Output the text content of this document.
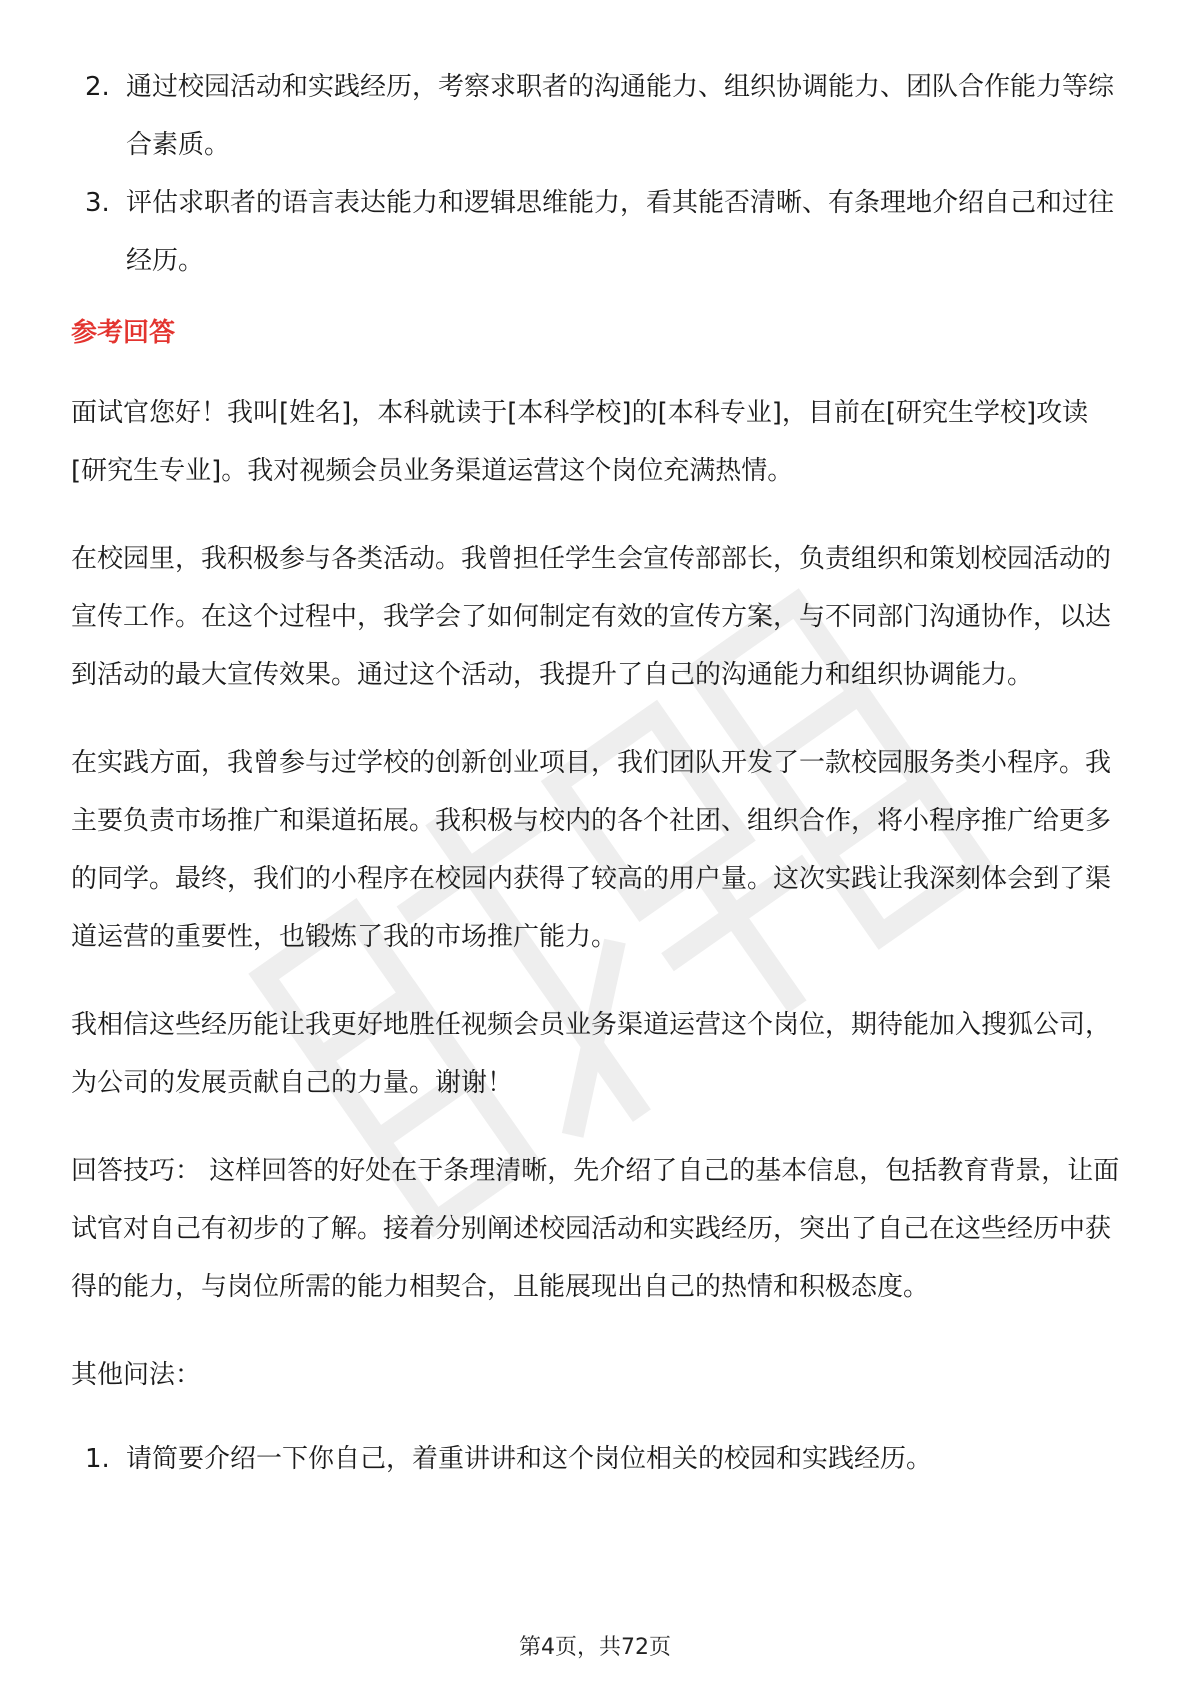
2. 通过校园活动和实践经历，考察求职者的沟通能力、组织协调能力、团队合作能力等综合素质。
3. 评估求职者的语言表达能力和逻辑思维能力，看其能否清晰、有条理地介绍自己和过往经历。
参考回答

面试官您好！我叫[姓名]，本科就读于[本科学校]的[本科专业]，目前在[研究生学校]攻读[研究生专业]。我对视频会员业务渠道运营这个岗位充满热情。

在校园里，我积极参与各类活动。我曾担任学生会宣传部部长，负责组织和策划校园活动的宣传工作。在这个过程中，我学会了如何制定有效的宣传方案，与不同部门沟通协作，以达到活动的最大宣传效果。通过这个活动，我提升了自己的沟通能力和组织协调能力。

在实践方面，我曾参与过学校的创新创业项目，我们团队开发了一款校园服务类小程序。我主要负责市场推广和渠道拓展。我积极与校内的各个社团、组织合作，将小程序推广给更多的同学。最终，我们的小程序在校园内获得了较高的用户量。这次实践让我深刻体会到了渠道运营的重要性，也锻炼了我的市场推广能力。

我相信这些经历能让我更好地胜任视频会员业务渠道运营这个岗位，期待能加入搜狐公司，为公司的发展贡献自己的力量。谢谢！

回答技巧： 这样回答的好处在于条理清晰，先介绍了自己的基本信息，包括教育背景，让面试官对自己有初步的了解。接着分别阐述校园活动和实践经历，突出了自己在这些经历中获得的能力，与岗位所需的能力相契合，且能展现出自己的热情和积极态度。

其他问法：
1. 请简要介绍一下你自己，着重讲讲和这个岗位相关的校园和实践经历。
第4页，共72页
